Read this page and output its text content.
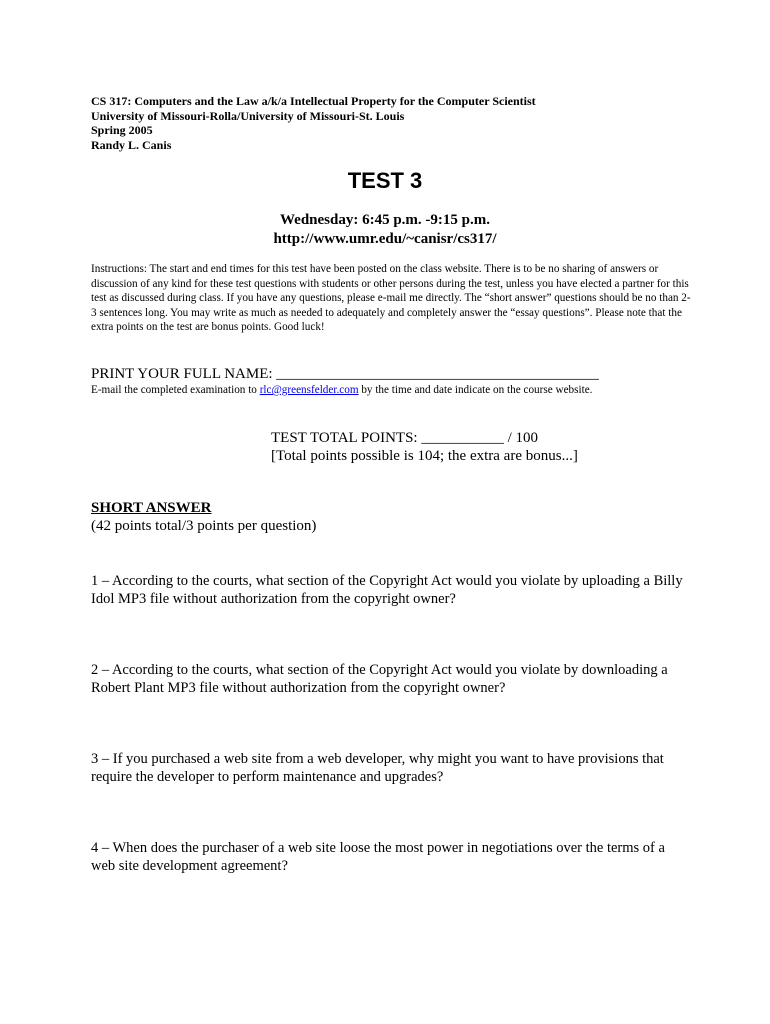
CS 317: Computers and the Law a/k/a Intellectual Property for the Computer Scientist
University of Missouri-Rolla/University of Missouri-St. Louis
Spring 2005
Randy L. Canis
TEST 3
Wednesday: 6:45 p.m. -9:15 p.m.
http://www.umr.edu/~canisr/cs317/
Instructions: The start and end times for this test have been posted on the class website. There is to be no sharing of answers or discussion of any kind for these test questions with students or other persons during the test, unless you have elected a partner for this test as discussed during class. If you have any questions, please e-mail me directly. The “short answer” questions should be no than 2-3 sentences long. You may write as much as needed to adequately and completely answer the “essay questions”. Please note that the extra points on the test are bonus points. Good luck!
PRINT YOUR FULL NAME: ___________________________________________
E-mail the completed examination to rlc@greensfelder.com by the time and date indicate on the course website.
TEST TOTAL POINTS: ___________ / 100
[Total points possible is 104; the extra are bonus...]
SHORT ANSWER
(42 points total/3 points per question)
1 – According to the courts, what section of the Copyright Act would you violate by uploading a Billy Idol MP3 file without authorization from the copyright owner?
2 – According to the courts, what section of the Copyright Act would you violate by downloading a Robert Plant MP3 file without authorization from the copyright owner?
3 – If you purchased a web site from a web developer, why might you want to have provisions that require the developer to perform maintenance and upgrades?
4 – When does the purchaser of a web site loose the most power in negotiations over the terms of a web site development agreement?
